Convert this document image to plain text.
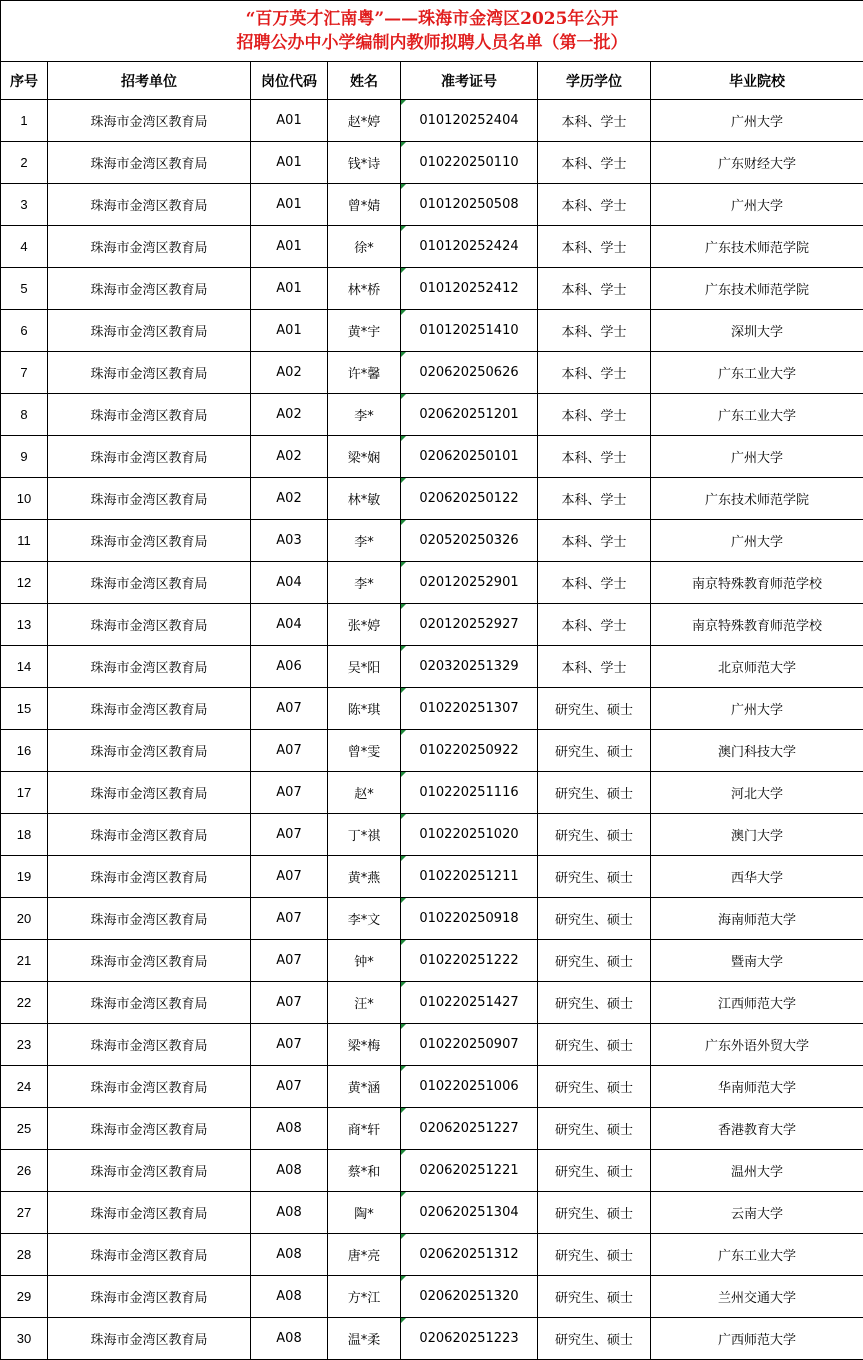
“百万英才汇南粤”——珠海市金湾区2025年公开
招聘公办中小学编制内教师拟聘人员名单（第一批）						

序号	招考单位	岗位代码	姓名	准考证号	学历学位	毕业院校
1	珠海市金湾区教育局	A01	赵*婷	010120252404	本科、学士	广州大学
2	珠海市金湾区教育局	A01	钱*诗	010220250110	本科、学士	广东财经大学
3	珠海市金湾区教育局	A01	曾*婧	010120250508	本科、学士	广州大学
4	珠海市金湾区教育局	A01	徐*	010120252424	本科、学士	广东技术师范学院
5	珠海市金湾区教育局	A01	林*桥	010120252412	本科、学士	广东技术师范学院
6	珠海市金湾区教育局	A01	黄*宇	010120251410	本科、学士	深圳大学
7	珠海市金湾区教育局	A02	许*馨	020620250626	本科、学士	广东工业大学
8	珠海市金湾区教育局	A02	李*	020620251201	本科、学士	广东工业大学
9	珠海市金湾区教育局	A02	梁*娴	020620250101	本科、学士	广州大学
10	珠海市金湾区教育局	A02	林*敏	020620250122	本科、学士	广东技术师范学院
11	珠海市金湾区教育局	A03	李*	020520250326	本科、学士	广州大学
12	珠海市金湾区教育局	A04	李*	020120252901	本科、学士	南京特殊教育师范学校
13	珠海市金湾区教育局	A04	张*婷	020120252927	本科、学士	南京特殊教育师范学校
14	珠海市金湾区教育局	A06	吴*阳	020320251329	本科、学士	北京师范大学
15	珠海市金湾区教育局	A07	陈*琪	010220251307	研究生、硕士	广州大学
16	珠海市金湾区教育局	A07	曾*雯	010220250922	研究生、硕士	澳门科技大学
17	珠海市金湾区教育局	A07	赵*	010220251116	研究生、硕士	河北大学
18	珠海市金湾区教育局	A07	丁*祺	010220251020	研究生、硕士	澳门大学
19	珠海市金湾区教育局	A07	黄*燕	010220251211	研究生、硕士	西华大学
20	珠海市金湾区教育局	A07	李*文	010220250918	研究生、硕士	海南师范大学
21	珠海市金湾区教育局	A07	钟*	010220251222	研究生、硕士	暨南大学
22	珠海市金湾区教育局	A07	汪*	010220251427	研究生、硕士	江西师范大学
23	珠海市金湾区教育局	A07	梁*梅	010220250907	研究生、硕士	广东外语外贸大学
24	珠海市金湾区教育局	A07	黄*涵	010220251006	研究生、硕士	华南师范大学
25	珠海市金湾区教育局	A08	商*轩	020620251227	研究生、硕士	香港教育大学
26	珠海市金湾区教育局	A08	蔡*和	020620251221	研究生、硕士	温州大学
27	珠海市金湾区教育局	A08	陶*	020620251304	研究生、硕士	云南大学
28	珠海市金湾区教育局	A08	唐*亮	020620251312	研究生、硕士	广东工业大学
29	珠海市金湾区教育局	A08	方*江	020620251320	研究生、硕士	兰州交通大学
30	珠海市金湾区教育局	A08	温*柔	020620251223	研究生、硕士	广西师范大学
